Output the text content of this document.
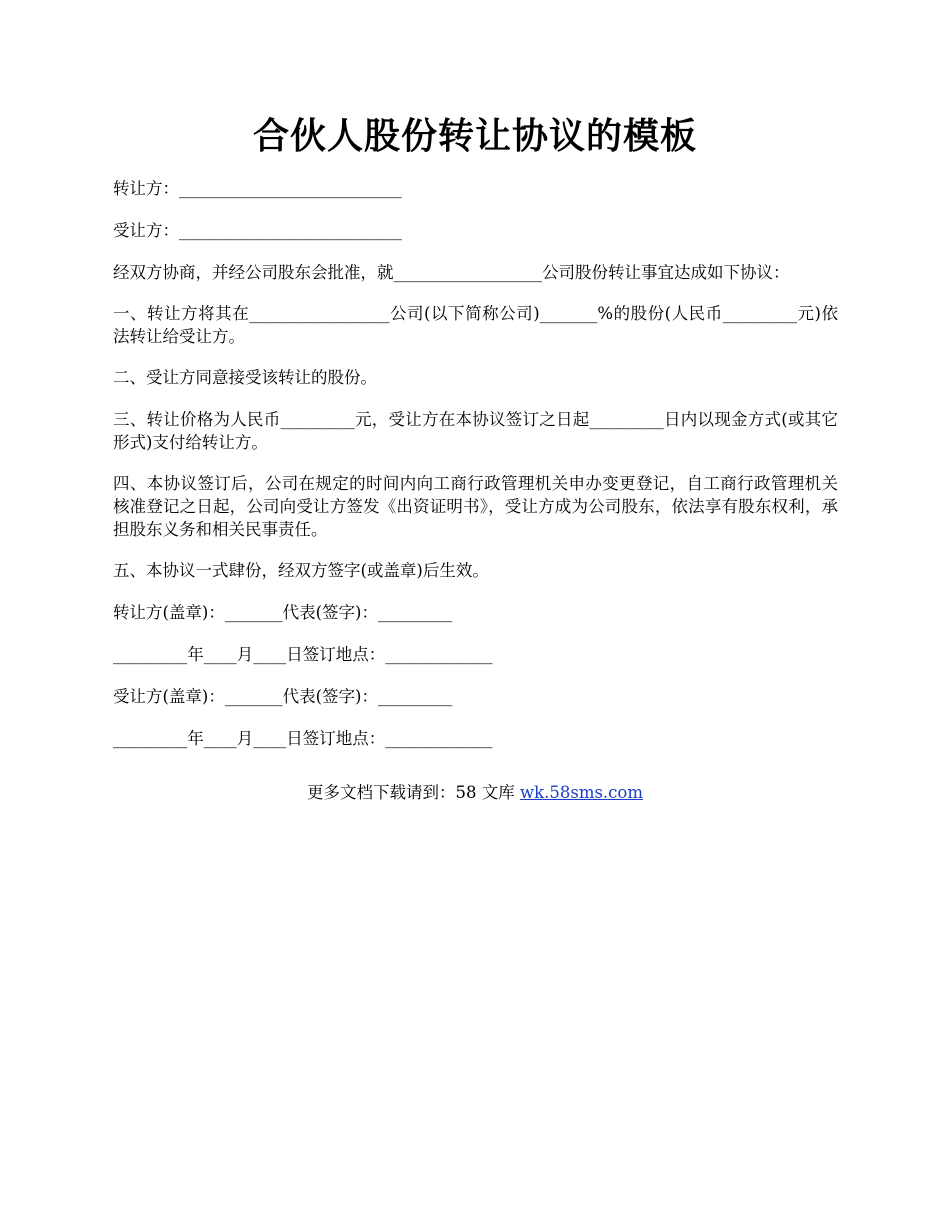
合伙人股份转让协议的模板

转让方：___________________________

受让方：___________________________

经双方协商，并经公司股东会批准，就__________________公司股份转让事宜达成如下协议：

一、转让方将其在_________________公司(以下简称公司)_______%的股份(人民币_________元)依法转让给受让方。

二、受让方同意接受该转让的股份。

三、转让价格为人民币_________元，受让方在本协议签订之日起_________日内以现金方式(或其它形式)支付给转让方。

四、本协议签订后，公司在规定的时间内向工商行政管理机关申办变更登记，自工商行政管理机关核准登记之日起，公司向受让方签发《出资证明书》，受让方成为公司股东，依法享有股东权利，承担股东义务和相关民事责任。

五、本协议一式肆份，经双方签字(或盖章)后生效。

转让方(盖章)：_______代表(签字)：_________

_________年____月____日签订地点：_____________

受让方(盖章)：_______代表(签字)：_________

_________年____月____日签订地点：_____________

更多文档下载请到：58 文库 wk.58sms.com
